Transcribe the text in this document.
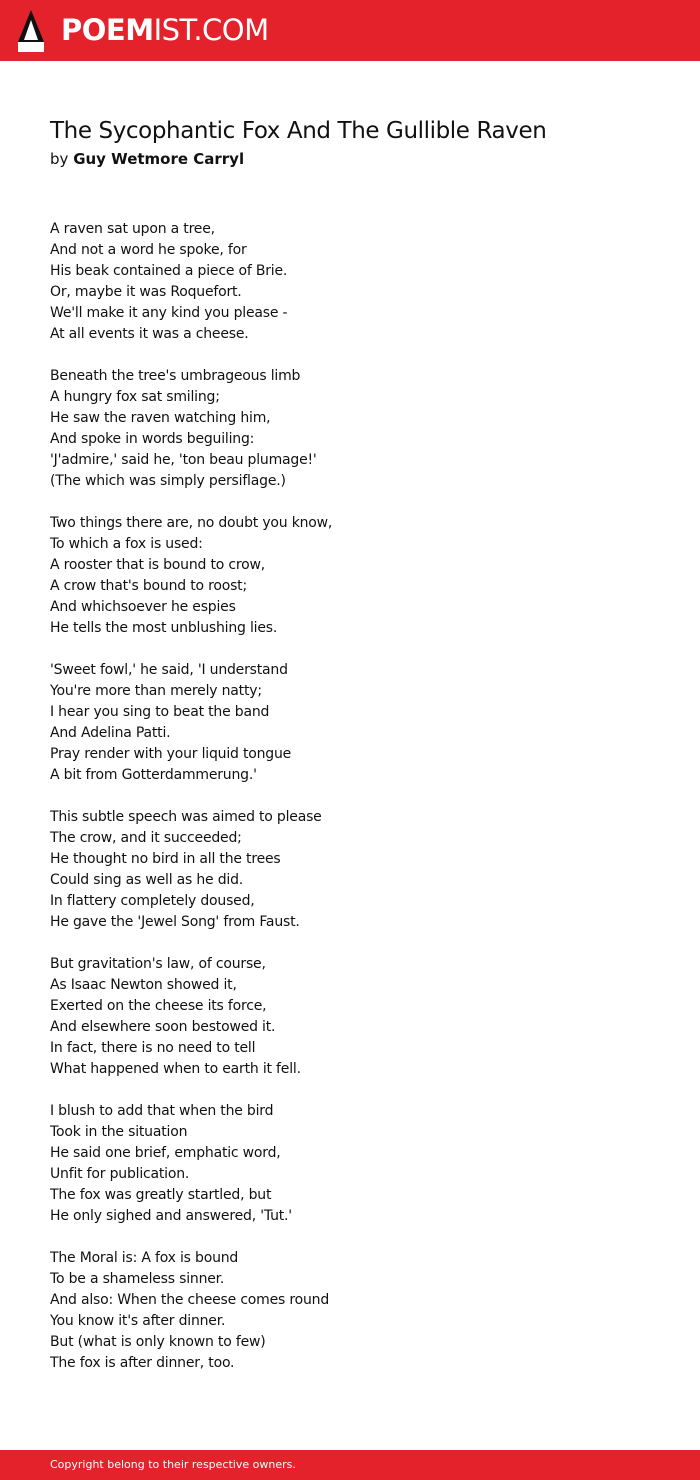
POEMIST.COM
The Sycophantic Fox And The Gullible Raven
by Guy Wetmore Carryl
A raven sat upon a tree,
And not a word he spoke, for
His beak contained a piece of Brie.
Or, maybe it was Roquefort.
We'll make it any kind you please -
At all events it was a cheese.
Beneath the tree's umbrageous limb
A hungry fox sat smiling;
He saw the raven watching him,
And spoke in words beguiling:
'J'admire,' said he, 'ton beau plumage!'
(The which was simply persiflage.)
Two things there are, no doubt you know,
To which a fox is used:
A rooster that is bound to crow,
A crow that's bound to roost;
And whichsoever he espies
He tells the most unblushing lies.
'Sweet fowl,' he said, 'I understand
You're more than merely natty;
I hear you sing to beat the band
And Adelina Patti.
Pray render with your liquid tongue
A bit from Gotterdammerung.'
This subtle speech was aimed to please
The crow, and it succeeded;
He thought no bird in all the trees
Could sing as well as he did.
In flattery completely doused,
He gave the 'Jewel Song' from Faust.
But gravitation's law, of course,
As Isaac Newton showed it,
Exerted on the cheese its force,
And elsewhere soon bestowed it.
In fact, there is no need to tell
What happened when to earth it fell.
I blush to add that when the bird
Took in the situation
He said one brief, emphatic word,
Unfit for publication.
The fox was greatly startled, but
He only sighed and answered, 'Tut.'
The Moral is: A fox is bound
To be a shameless sinner.
And also: When the cheese comes round
You know it's after dinner.
But (what is only known to few)
The fox is after dinner, too.
Copyright belong to their respective owners.
